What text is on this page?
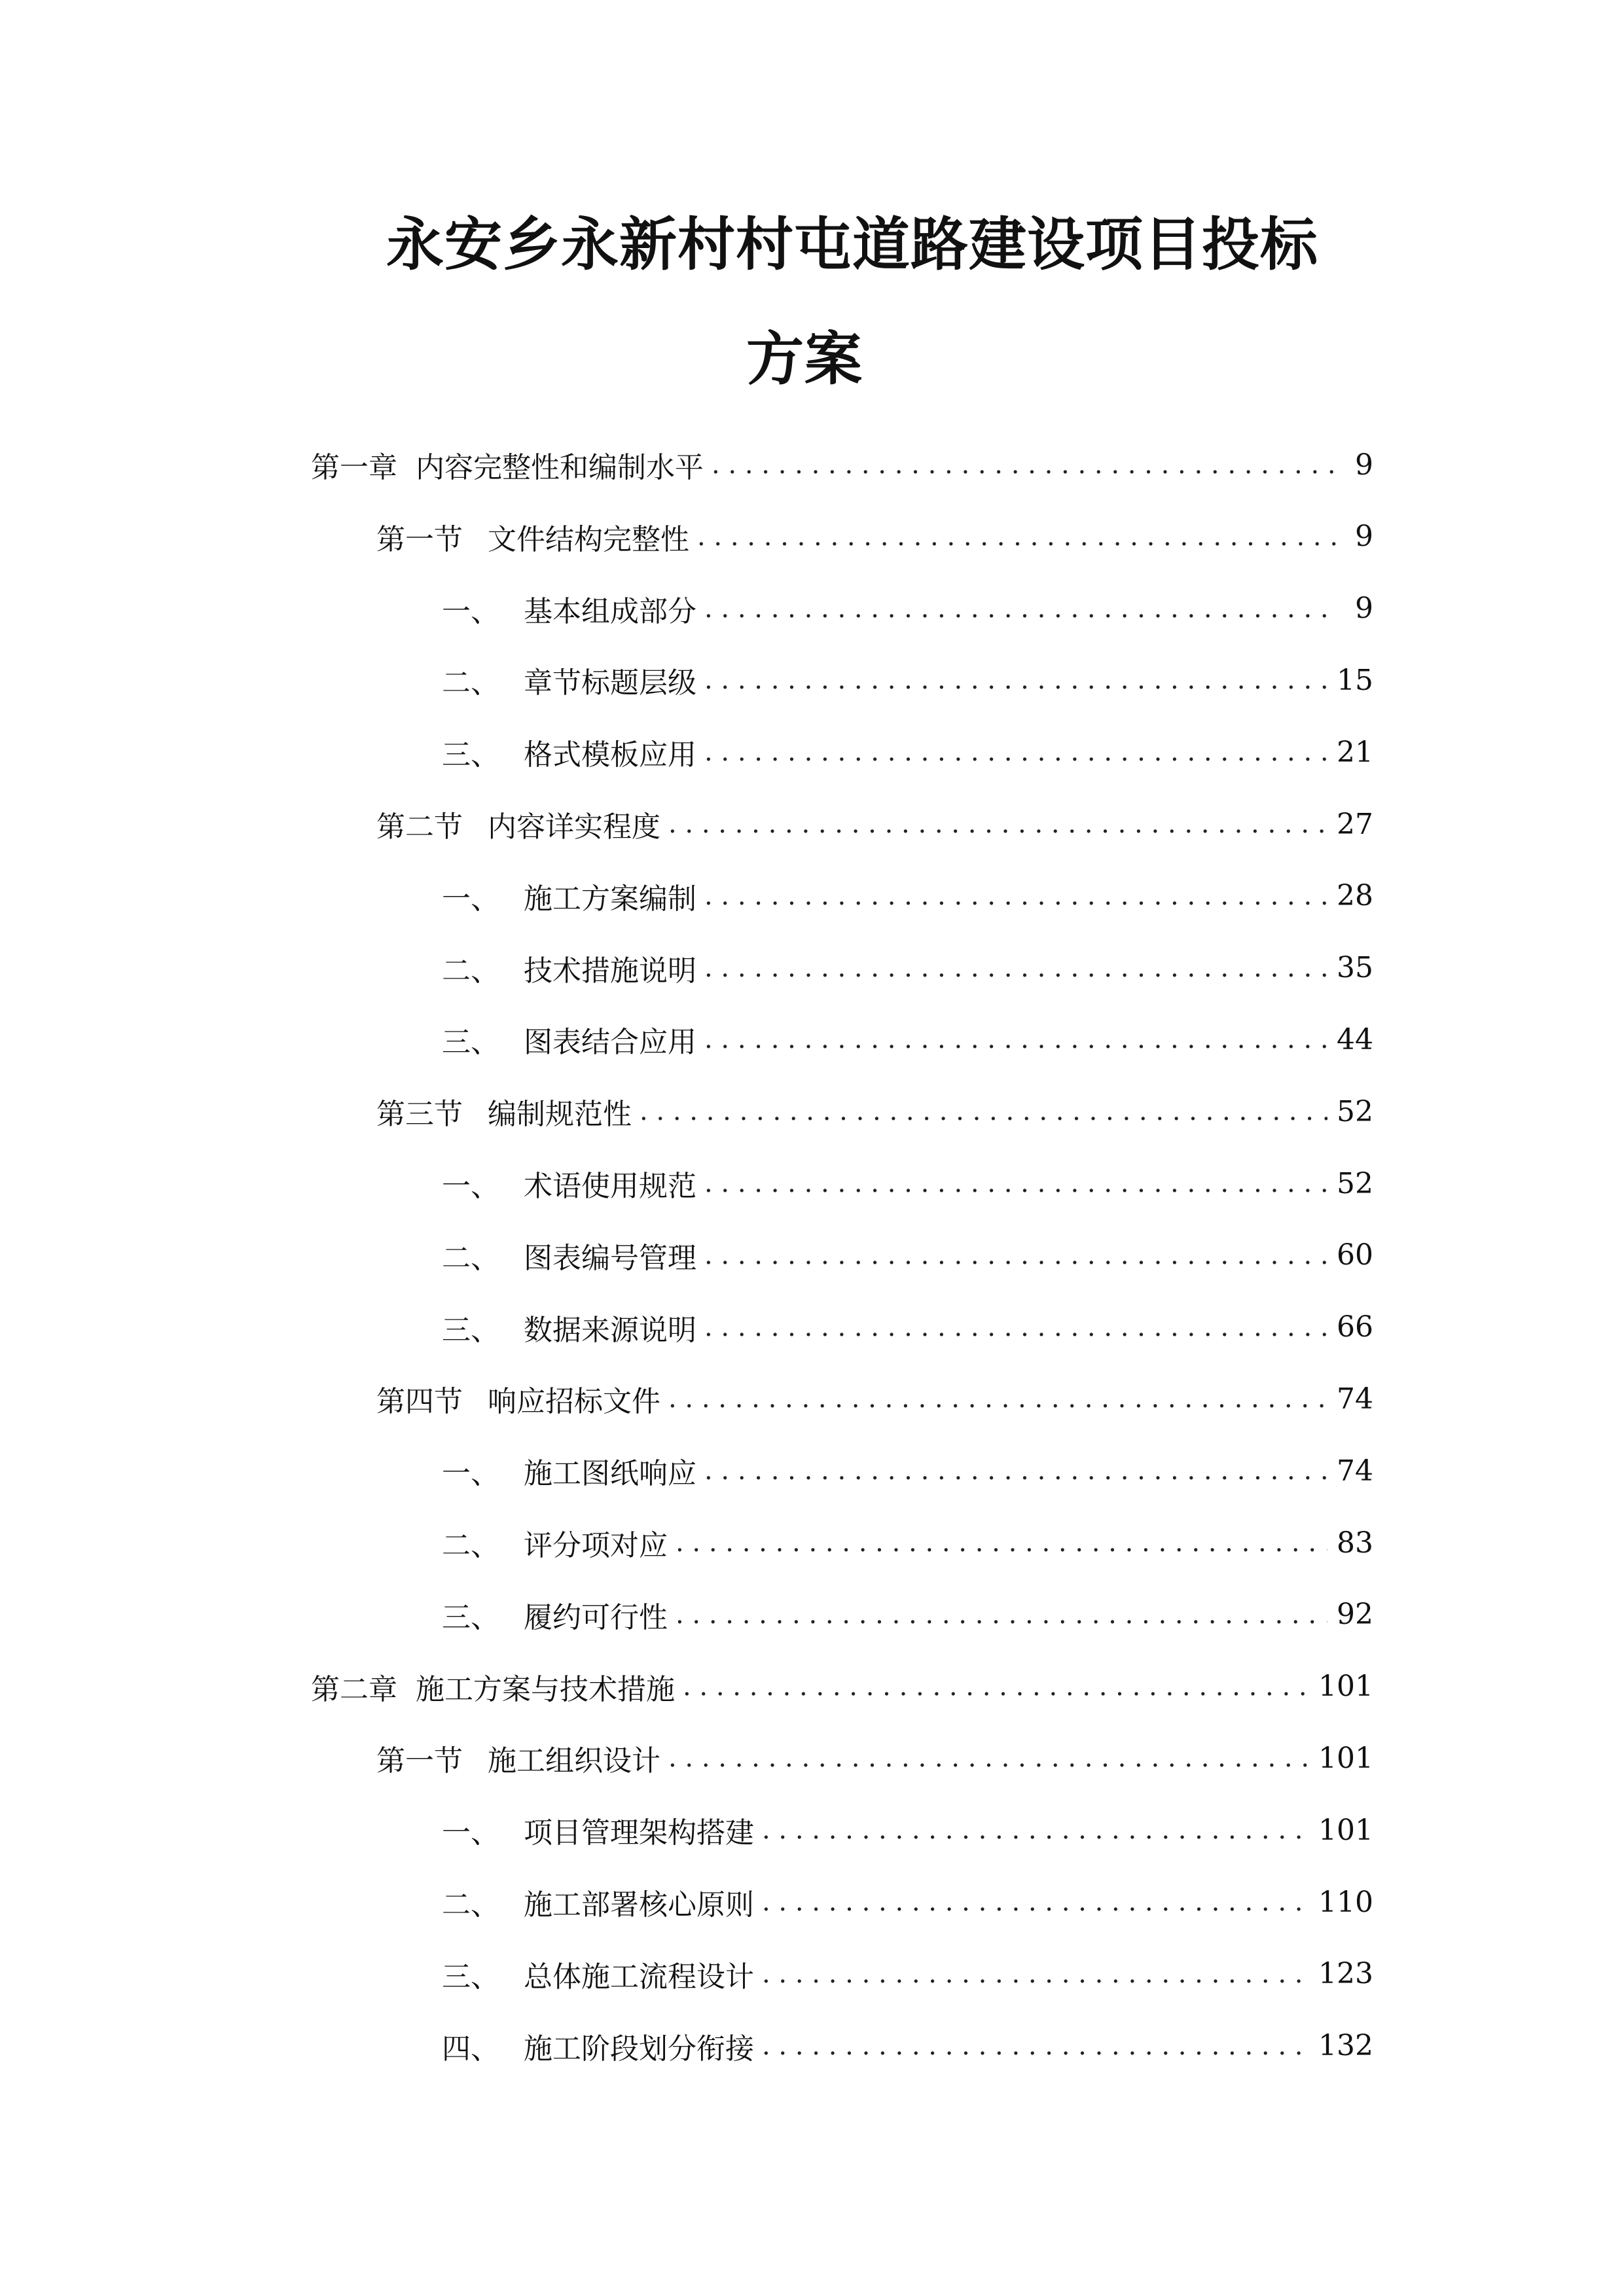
永安乡永新村村屯道路建设项目投标
方案
第一章 内容完整性和编制水平 . . .	9
第一节 文件结构完整性 . . .	9
一、 基本组成部分 . . .	9
二、 章节标题层级 . . .	15
三、 格式模板应用 . . .	21
第二节 内容详实程度 . . .	27
一、 施工方案编制 . . .	28
二、 技术措施说明 . . .	35
三、 图表结合应用 . . .	44
第三节 编制规范性 . . .	52
一、 术语使用规范 . . .	52
二、 图表编号管理 . . .	60
三、 数据来源说明 . . .	66
第四节 响应招标文件 . . .	74
一、 施工图纸响应 . . .	74
二、 评分项对应 . . .	83
三、 履约可行性 . . .	92
第二章 施工方案与技术措施 . . .	101
第一节 施工组织设计 . . .	101
一、 项目管理架构搭建 . . .	101
二、 施工部署核心原则 . . .	110
三、 总体施工流程设计 . . .	123
四、 施工阶段划分衔接 . . .	132
